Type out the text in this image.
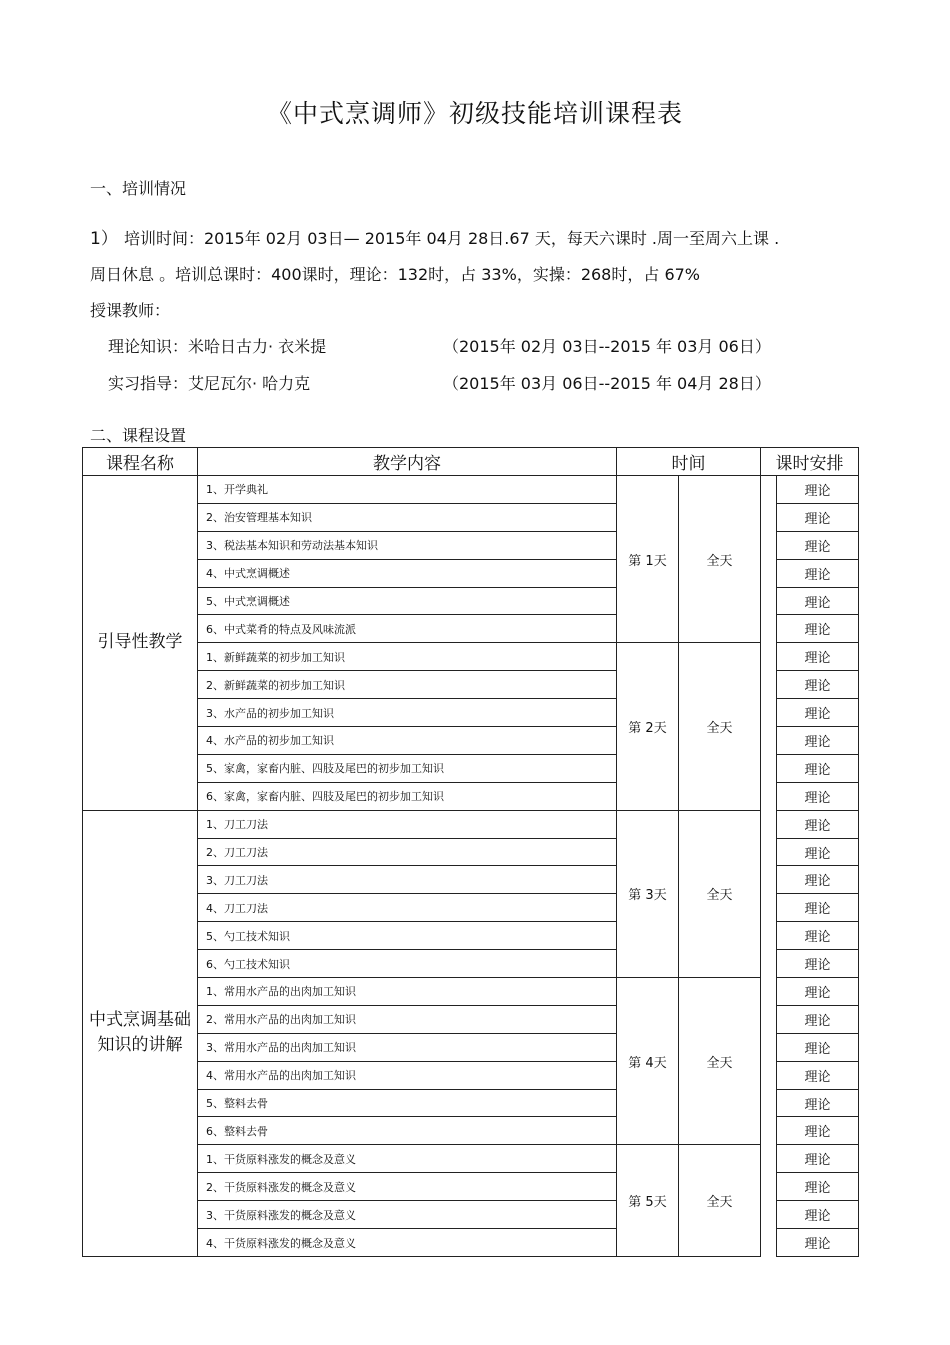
《中式烹调师》初级技能培训课程表
一、培训情况
1） 培训时间：2015年 02月 03日— 2015年 04月 28日.67 天，每天六课时 .周一至周六上课 .
周日休息 。培训总课时：400课时，理论：132时，占 33%，实操：268时，占 67%
授课教师：
理论知识：米哈日古力· 衣米提	（2015年 02月 03日--2015 年 03月 06日）
实习指导：艾尼瓦尔· 哈力克	（2015年 03月 06日--2015 年 04月 28日）
二、课程设置
课程名称	教学内容	时间		课时安排	
引导性教学	1、开学典礼	第 1天	全天		理论
	2、治安管理基本知识				理论
	3、税法基本知识和劳动法基本知识				理论
	4、中式烹调概述				理论
	5、中式烹调概述				理论
	6、中式菜肴的特点及风味流派				理论
	1、新鲜蔬菜的初步加工知识	第 2天	全天		理论
	2、新鲜蔬菜的初步加工知识				理论
	3、水产品的初步加工知识				理论
	4、水产品的初步加工知识				理论
	5、家禽，家畜内脏、四肢及尾巴的初步加工知识				理论
	6、家禽，家畜内脏、四肢及尾巴的初步加工知识				理论
中式烹调基础知识的讲解	1、刀工刀法	第 3天	全天		理论
	2、刀工刀法				理论
	3、刀工刀法				理论
	4、刀工刀法				理论
	5、勺工技术知识				理论
	6、勺工技术知识				理论
	1、常用水产品的出肉加工知识	第 4天	全天		理论
	2、常用水产品的出肉加工知识				理论
	3、常用水产品的出肉加工知识				理论
	4、常用水产品的出肉加工知识				理论
	5、整料去骨				理论
	6、整料去骨				理论
	1、干货原料涨发的概念及意义	第 5天	全天		理论
	2、干货原料涨发的概念及意义				理论
	3、干货原料涨发的概念及意义				理论
	4、干货原料涨发的概念及意义				理论
